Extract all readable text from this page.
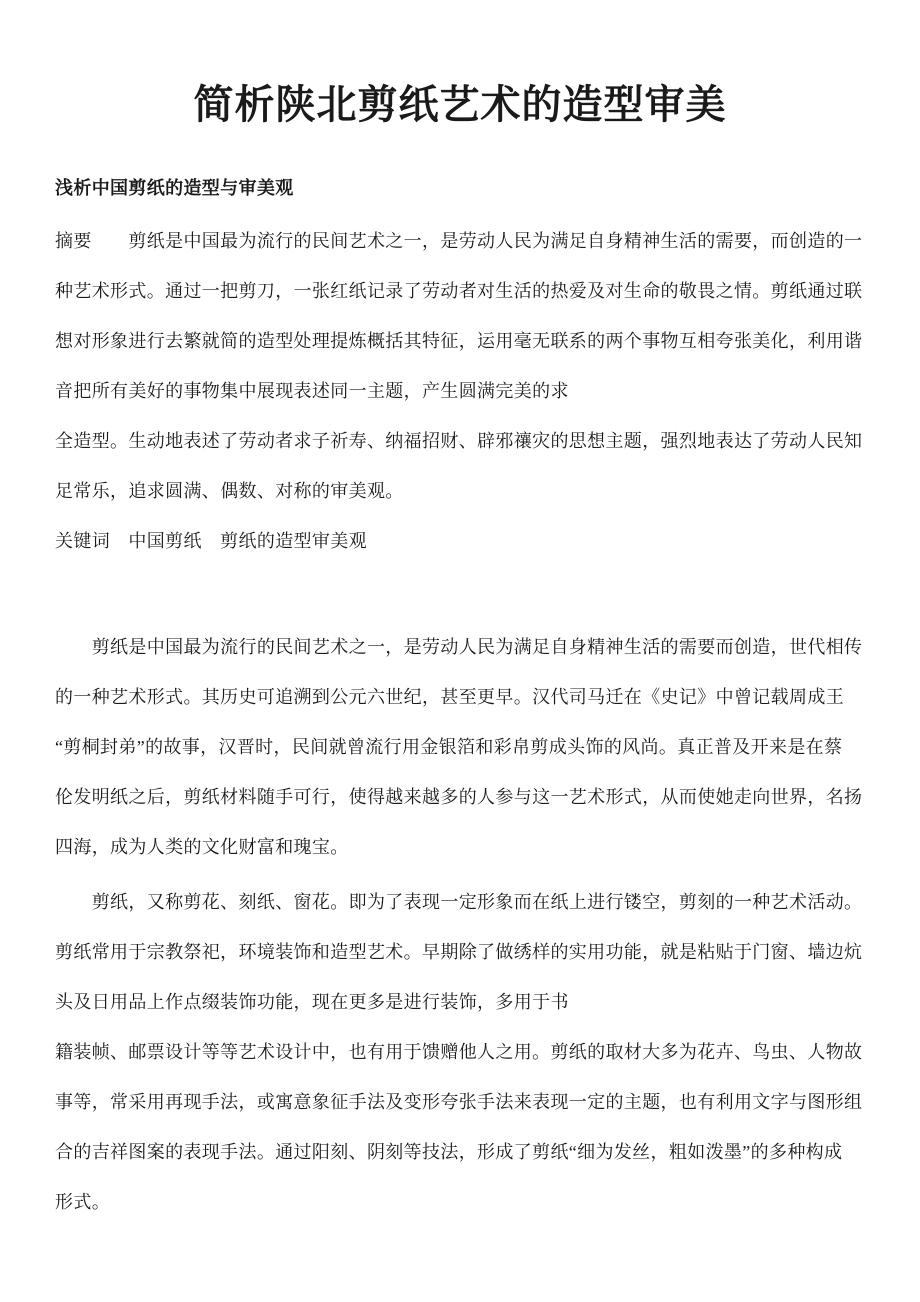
简析陕北剪纸艺术的造型审美
浅析中国剪纸的造型与审美观
摘要　　剪纸是中国最为流行的民间艺术之一，是劳动人民为满足自身精神生活的需要，而创造的一
种艺术形式。通过一把剪刀，一张红纸记录了劳动者对生活的热爱及对生命的敬畏之情。剪纸通过联
想对形象进行去繁就简的造型处理提炼概括其特征，运用毫无联系的两个事物互相夸张美化，利用谐
音把所有美好的事物集中展现表述同一主题，产生圆满完美的求
全造型。生动地表述了劳动者求子祈寿、纳福招财、辟邪禳灾的思想主题，强烈地表达了劳动人民知
足常乐，追求圆满、偶数、对称的审美观。
关键词　中国剪纸　剪纸的造型审美观
　　剪纸是中国最为流行的民间艺术之一，是劳动人民为满足自身精神生活的需要而创造，世代相传
的一种艺术形式。其历史可追溯到公元六世纪，甚至更早。汉代司马迁在《史记》中曾记载周成王
“剪桐封弟”的故事，汉晋时，民间就曾流行用金银箔和彩帛剪成头饰的风尚。真正普及开来是在蔡
伦发明纸之后，剪纸材料随手可行，使得越来越多的人参与这一艺术形式，从而使她走向世界，名扬
四海，成为人类的文化财富和瑰宝。
　　剪纸，又称剪花、刻纸、窗花。即为了表现一定形象而在纸上进行镂空，剪刻的一种艺术活动。
剪纸常用于宗教祭祀，环境装饰和造型艺术。早期除了做绣样的实用功能，就是粘贴于门窗、墙边炕
头及日用品上作点缀装饰功能，现在更多是进行装饰，多用于书
籍装帧、邮票设计等等艺术设计中，也有用于馈赠他人之用。剪纸的取材大多为花卉、鸟虫、人物故
事等，常采用再现手法，或寓意象征手法及变形夸张手法来表现一定的主题，也有利用文字与图形组
合的吉祥图案的表现手法。通过阳刻、阴刻等技法，形成了剪纸“细为发丝，粗如泼墨”的多种构成
形式。
